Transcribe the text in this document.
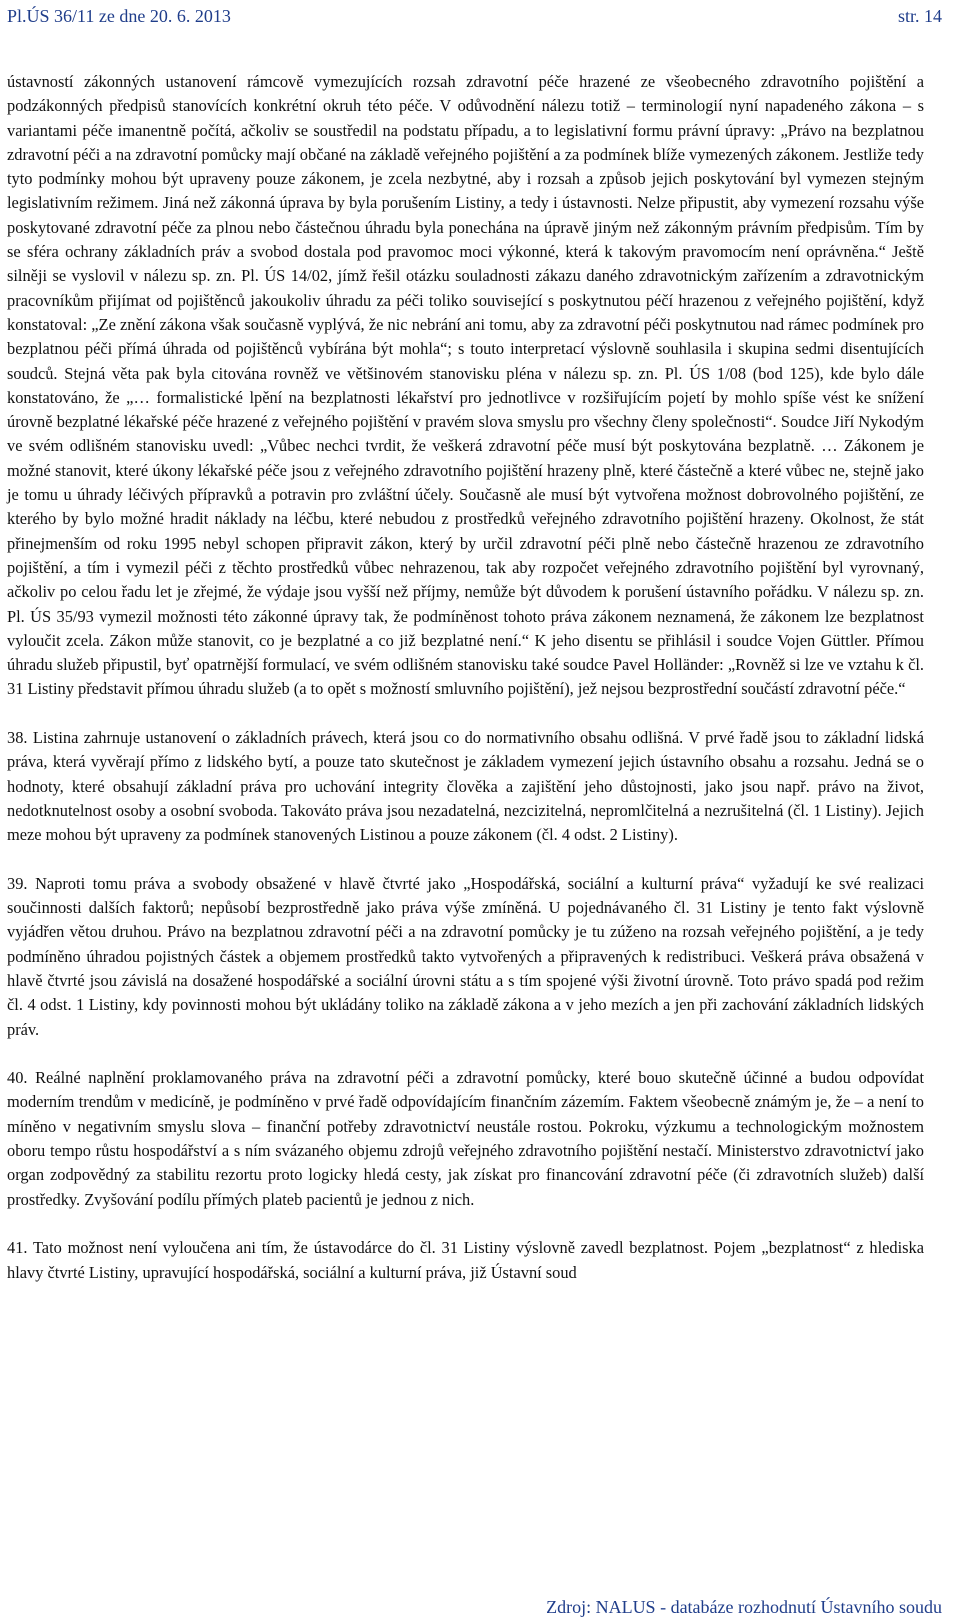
Pl.ÚS 36/11 ze dne 20. 6. 2013	str. 14

ústavností zákonných ustanovení rámcově vymezujících rozsah zdravotní péče hrazené ze všeobecného zdravotního pojištění a podzákonných předpisů stanovících konkrétní okruh této péče. V odůvodnění nálezu totiž – terminologií nyní napadeného zákona – s variantami péče imanentně počítá, ačkoliv se soustředil na podstatu případu, a to legislativní formu právní úpravy: „Právo na bezplatnou zdravotní péči a na zdravotní pomůcky mají občané na základě veřejného pojištění a za podmínek blíže vymezených zákonem. Jestliže tedy tyto podmínky mohou být upraveny pouze zákonem, je zcela nezbytné, aby i rozsah a způsob jejich poskytování byl vymezen stejným legislativním režimem. Jiná než zákonná úprava by byla porušením Listiny, a tedy i ústavnosti. Nelze připustit, aby vymezení rozsahu výše poskytované zdravotní péče za plnou nebo částečnou úhradu byla ponechána na úpravě jiným než zákonným právním předpisům. Tím by se sféra ochrany základních práv a svobod dostala pod pravomoc moci výkonné, která k takovým pravomocím není oprávněna.“ Ještě silněji se vyslovil v nálezu sp. zn. Pl. ÚS 14/02, jímž řešil otázku souladnosti zákazu daného zdravotnickým zařízením a zdravotnickým pracovníkům přijímat od pojištěnců jakoukoliv úhradu za péči toliko související s poskytnutou péčí hrazenou z veřejného pojištění, když konstatoval: „Ze znění zákona však současně vyplývá, že nic nebrání ani tomu, aby za zdravotní péči poskytnutou nad rámec podmínek pro bezplatnou péči přímá úhrada od pojištěnců vybírána být mohla“; s touto interpretací výslovně souhlasila i skupina sedmi disentujících soudců. Stejná věta pak byla citována rovněž ve většinovém stanovisku pléna v nálezu sp. zn. Pl. ÚS 1/08 (bod 125), kde bylo dále konstatováno, že „… formalistické lpění na bezplatnosti lékařství pro jednotlivce v rozšiřujícím pojetí by mohlo spíše vést ke snížení úrovně bezplatné lékařské péče hrazené z veřejného pojištění v pravém slova smyslu pro všechny členy společnosti“. Soudce Jiří Nykodým ve svém odlišném stanovisku uvedl: „Vůbec nechci tvrdit, že veškerá zdravotní péče musí být poskytována bezplatně. … Zákonem je možné stanovit, které úkony lékařské péče jsou z veřejného zdravotního pojištění hrazeny plně, které částečně a které vůbec ne, stejně jako je tomu u úhrady léčivých přípravků a potravin pro zvláštní účely. Současně ale musí být vytvořena možnost dobrovolného pojištění, ze kterého by bylo možné hradit náklady na léčbu, které nebudou z prostředků veřejného zdravotního pojištění hrazeny. Okolnost, že stát přinejmenším od roku 1995 nebyl schopen připravit zákon, který by určil zdravotní péči plně nebo částečně hrazenou ze zdravotního pojištění, a tím i vymezil péči z těchto prostředků vůbec nehrazenou, tak aby rozpočet veřejného zdravotního pojištění byl vyrovnaný, ačkoliv po celou řadu let je zřejmé, že výdaje jsou vyšší než příjmy, nemůže být důvodem k porušení ústavního pořádku. V nálezu sp. zn. Pl. ÚS 35/93 vymezil možnosti této zákonné úpravy tak, že podmíněnost tohoto práva zákonem neznamená, že zákonem lze bezplatnost vyloučit zcela. Zákon může stanovit, co je bezplatné a co již bezplatné není.“ K jeho disentu se přihlásil i soudce Vojen Güttler. Přímou úhradu služeb připustil, byť opatrnější formulací, ve svém odlišném stanovisku také soudce Pavel Holländer: „Rovněž si lze ve vztahu k čl. 31 Listiny představit přímou úhradu služeb (a to opět s možností smluvního pojištění), jež nejsou bezprostřední součástí zdravotní péče.“

38. Listina zahrnuje ustanovení o základních právech, která jsou co do normativního obsahu odlišná. V prvé řadě jsou to základní lidská práva, která vyvěrají přímo z lidského bytí, a pouze tato skutečnost je základem vymezení jejich ústavního obsahu a rozsahu. Jedná se o hodnoty, které obsahují základní práva pro uchování integrity člověka a zajištění jeho důstojnosti, jako jsou např. právo na život, nedotknutelnost osoby a osobní svoboda. Takováto práva jsou nezadatelná, nezcizitelná, nepromlčitelná a nezrušitelná (čl. 1 Listiny). Jejich meze mohou být upraveny za podmínek stanovených Listinou a pouze zákonem (čl. 4 odst. 2 Listiny).

39. Naproti tomu práva a svobody obsažené v hlavě čtvrté jako „Hospodářská, sociální a kulturní práva“ vyžadují ke své realizaci součinnosti dalších faktorů; nepůsobí bezprostředně jako práva výše zmíněná. U pojednávaného čl. 31 Listiny je tento fakt výslovně vyjádřen větou druhou. Právo na bezplatnou zdravotní péči a na zdravotní pomůcky je tu zúženo na rozsah veřejného pojištění, a je tedy podmíněno úhradou pojistných částek a objemem prostředků takto vytvořených a připravených k redistribuci. Veškerá práva obsažená v hlavě čtvrté jsou závislá na dosažené hospodářské a sociální úrovni státu a s tím spojené výši životní úrovně. Toto právo spadá pod režim čl. 4 odst. 1 Listiny, kdy povinnosti mohou být ukládány toliko na základě zákona a v jeho mezích a jen při zachování základních lidských práv.

40. Reálné naplnění proklamovaného práva na zdravotní péči a zdravotní pomůcky, které bouo skutečně účinné a budou odpovídat moderním trendům v medicíně, je podmíněno v prvé řadě odpovídajícím finančním zázemím. Faktem všeobecně známým je, že – a není to míněno v negativním smyslu slova – finanční potřeby zdravotnictví neustále rostou. Pokroku, výzkumu a technologickým možnostem oboru tempo růstu hospodářství a s ním svázaného objemu zdrojů veřejného zdravotního pojištění nestačí. Ministerstvo zdravotnictví jako organ zodpovědný za stabilitu rezortu proto logicky hledá cesty, jak získat pro financování zdravotní péče (či zdravotních služeb) další prostředky. Zvyšování podílu přímých plateb pacientů je jednou z nich.

41. Tato možnost není vyloučena ani tím, že ústavodárce do čl. 31 Listiny výslovně zavedl bezplatnost. Pojem „bezplatnost“ z hlediska hlavy čtvrté Listiny, upravující hospodářská, sociální a kulturní práva, již Ústavní soud

Zdroj: NALUS - databáze rozhodnutí Ústavního soudu
